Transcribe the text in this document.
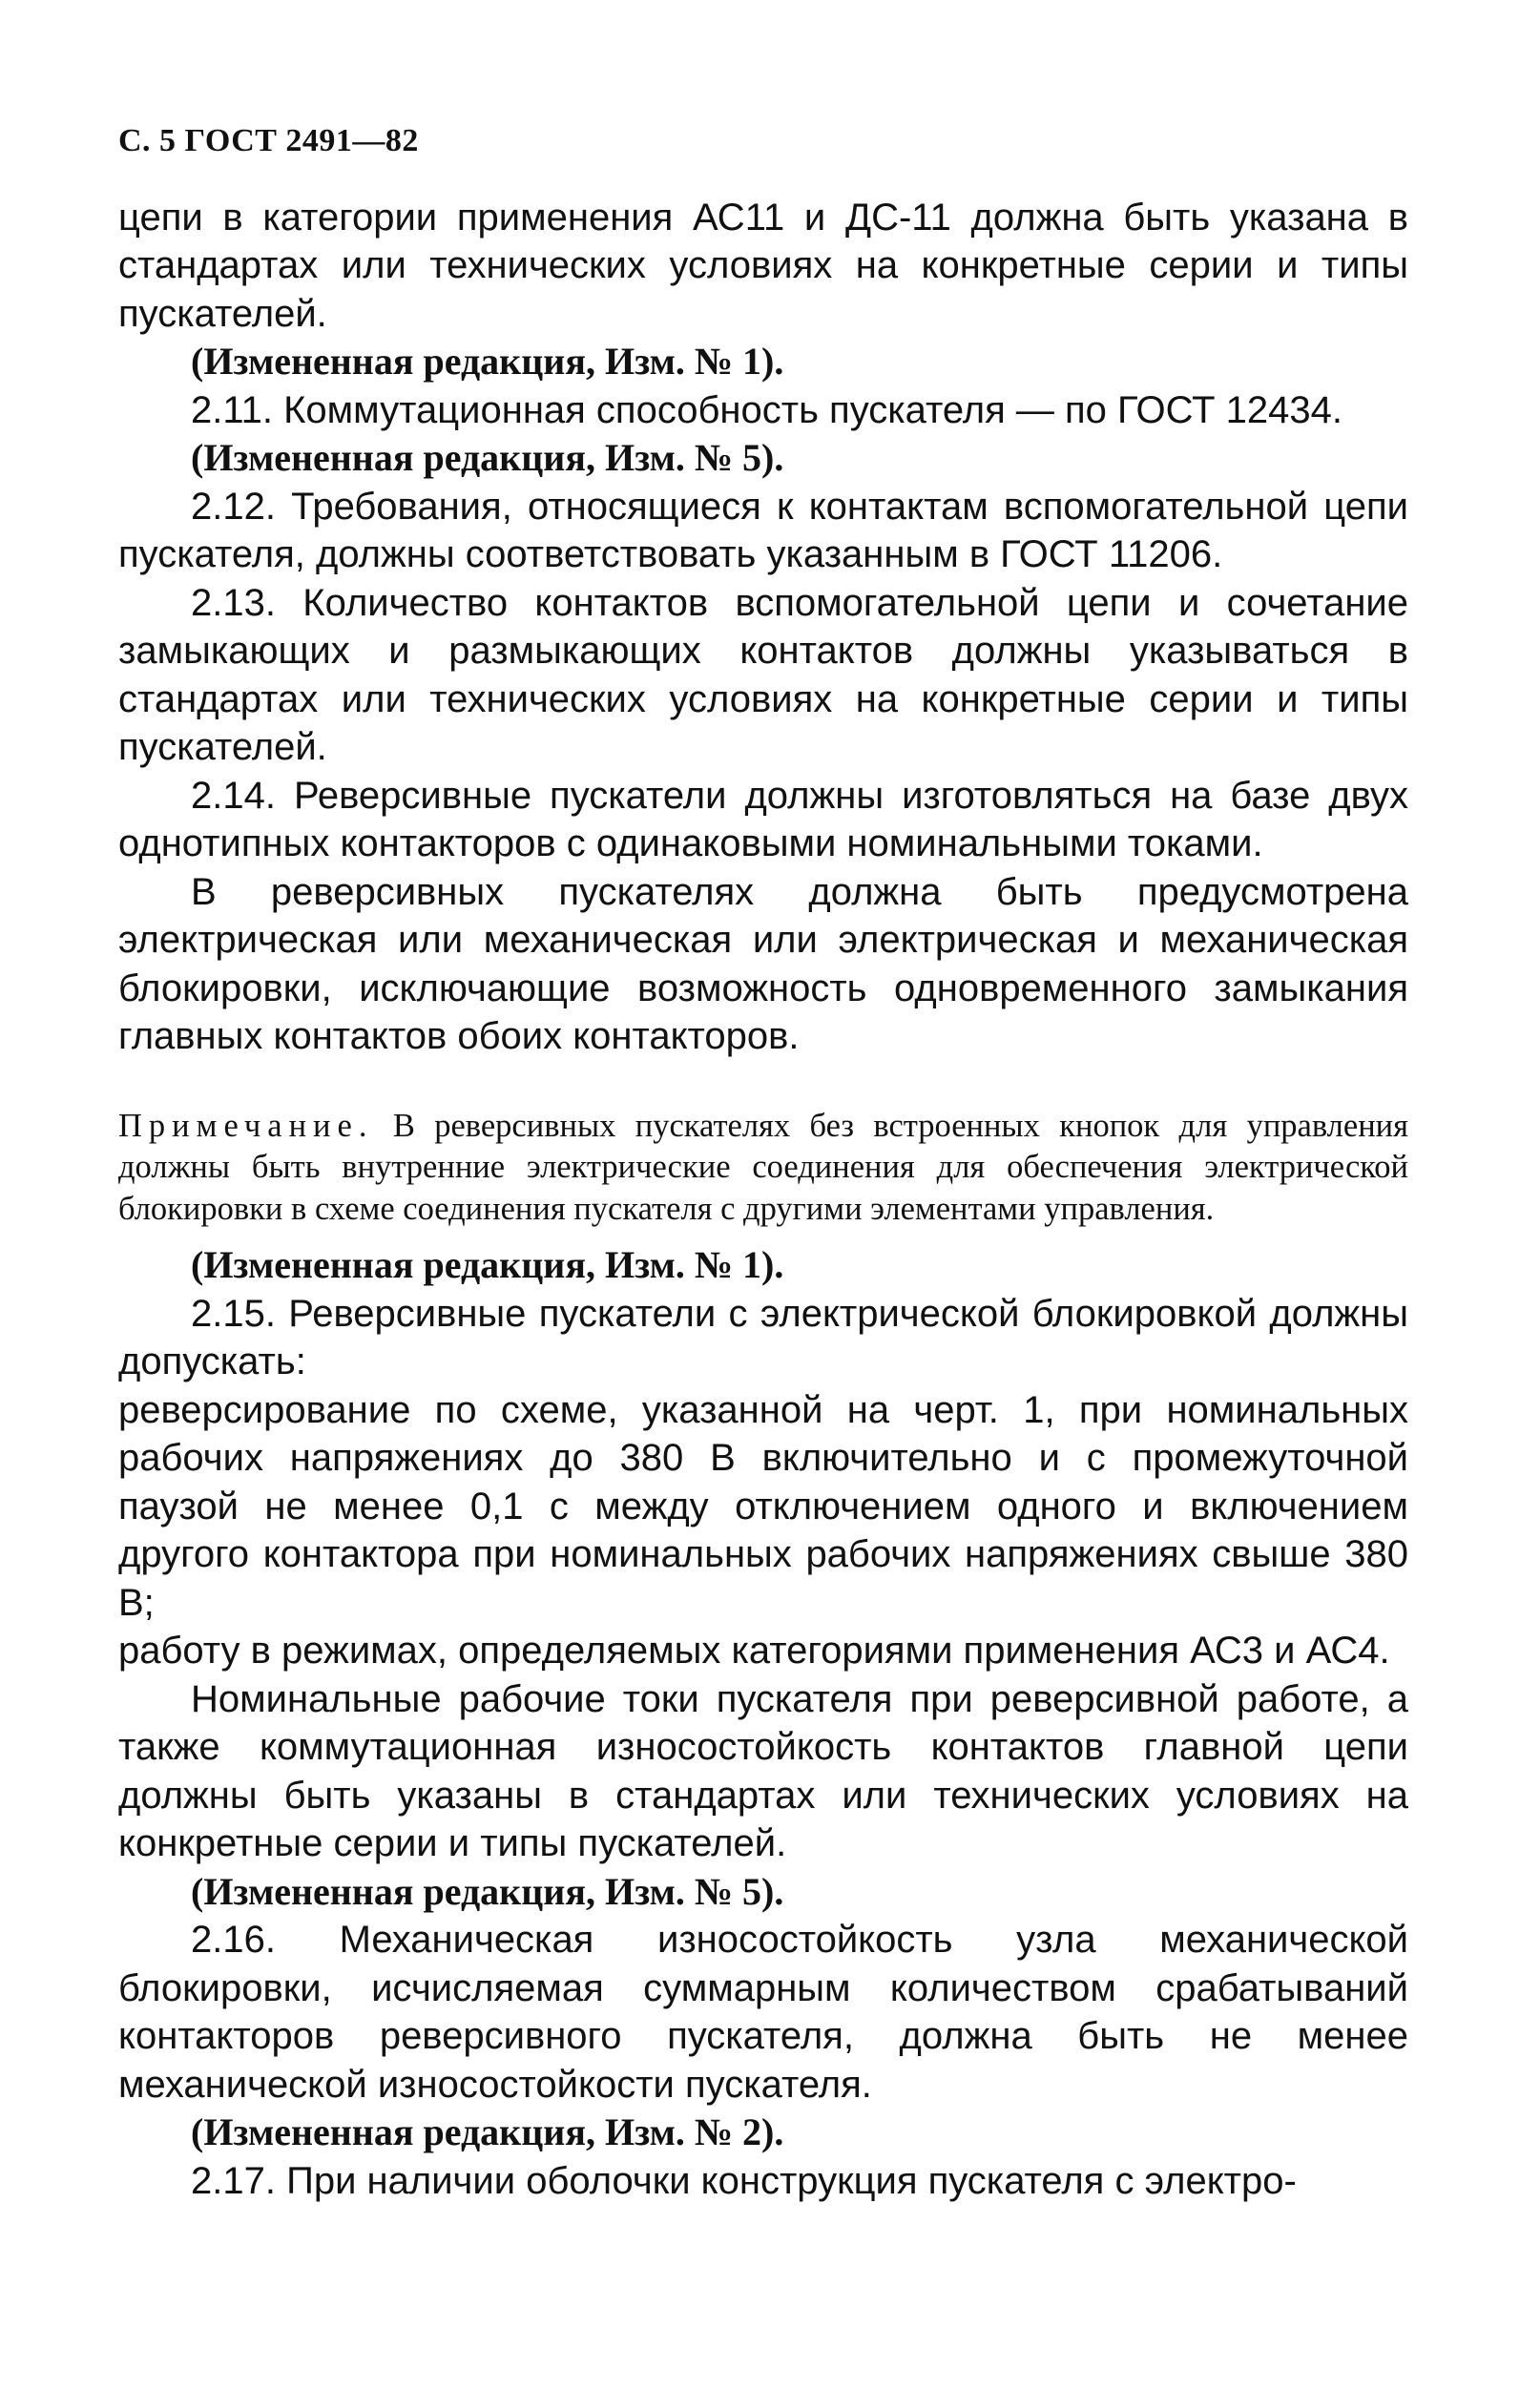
С. 5 ГОСТ 2491—82

цепи в категории применения АС11 и ДС-11 должна быть указана в стандартах или технических условиях на конкретные серии и типы пускателей.

(Измененная редакция, Изм. № 1).

2.11. Коммутационная способность пускателя — по ГОСТ 12434.

(Измененная редакция, Изм. № 5).

2.12. Требования, относящиеся к контактам вспомогательной цепи пускателя, должны соответствовать указанным в ГОСТ 11206.

2.13. Количество контактов вспомогательной цепи и сочетание замыкающих и размыкающих контактов должны указываться в стандартах или технических условиях на конкретные серии и типы пускателей.

2.14. Реверсивные пускатели должны изготовляться на базе двух однотипных контакторов с одинаковыми номинальными токами.

В реверсивных пускателях должна быть предусмотрена электрическая или механическая или электрическая и механическая блокировки, исключающие возможность одновременного замыкания главных контактов обоих контакторов.

Примечание. В реверсивных пускателях без встроенных кнопок для управления должны быть внутренние электрические соединения для обеспечения электрической блокировки в схеме соединения пускателя с другими элементами управления.

(Измененная редакция, Изм. № 1).

2.15. Реверсивные пускатели с электрической блокировкой должны допускать:

реверсирование по схеме, указанной на черт. 1, при номинальных рабочих напряжениях до 380 В включительно и с промежуточной паузой не менее 0,1 с между отключением одного и включением другого контактора при номинальных рабочих напряжениях свыше 380 В;

работу в режимах, определяемых категориями применения АС3 и АС4.

Номинальные рабочие токи пускателя при реверсивной работе, а также коммутационная износостойкость контактов главной цепи должны быть указаны в стандартах или технических условиях на конкретные серии и типы пускателей.

(Измененная редакция, Изм. № 5).

2.16. Механическая износостойкость узла механической блокировки, исчисляемая суммарным количеством срабатываний контакторов реверсивного пускателя, должна быть не менее механической износостойкости пускателя.

(Измененная редакция, Изм. № 2).

2.17. При наличии оболочки конструкция пускателя с электро-
